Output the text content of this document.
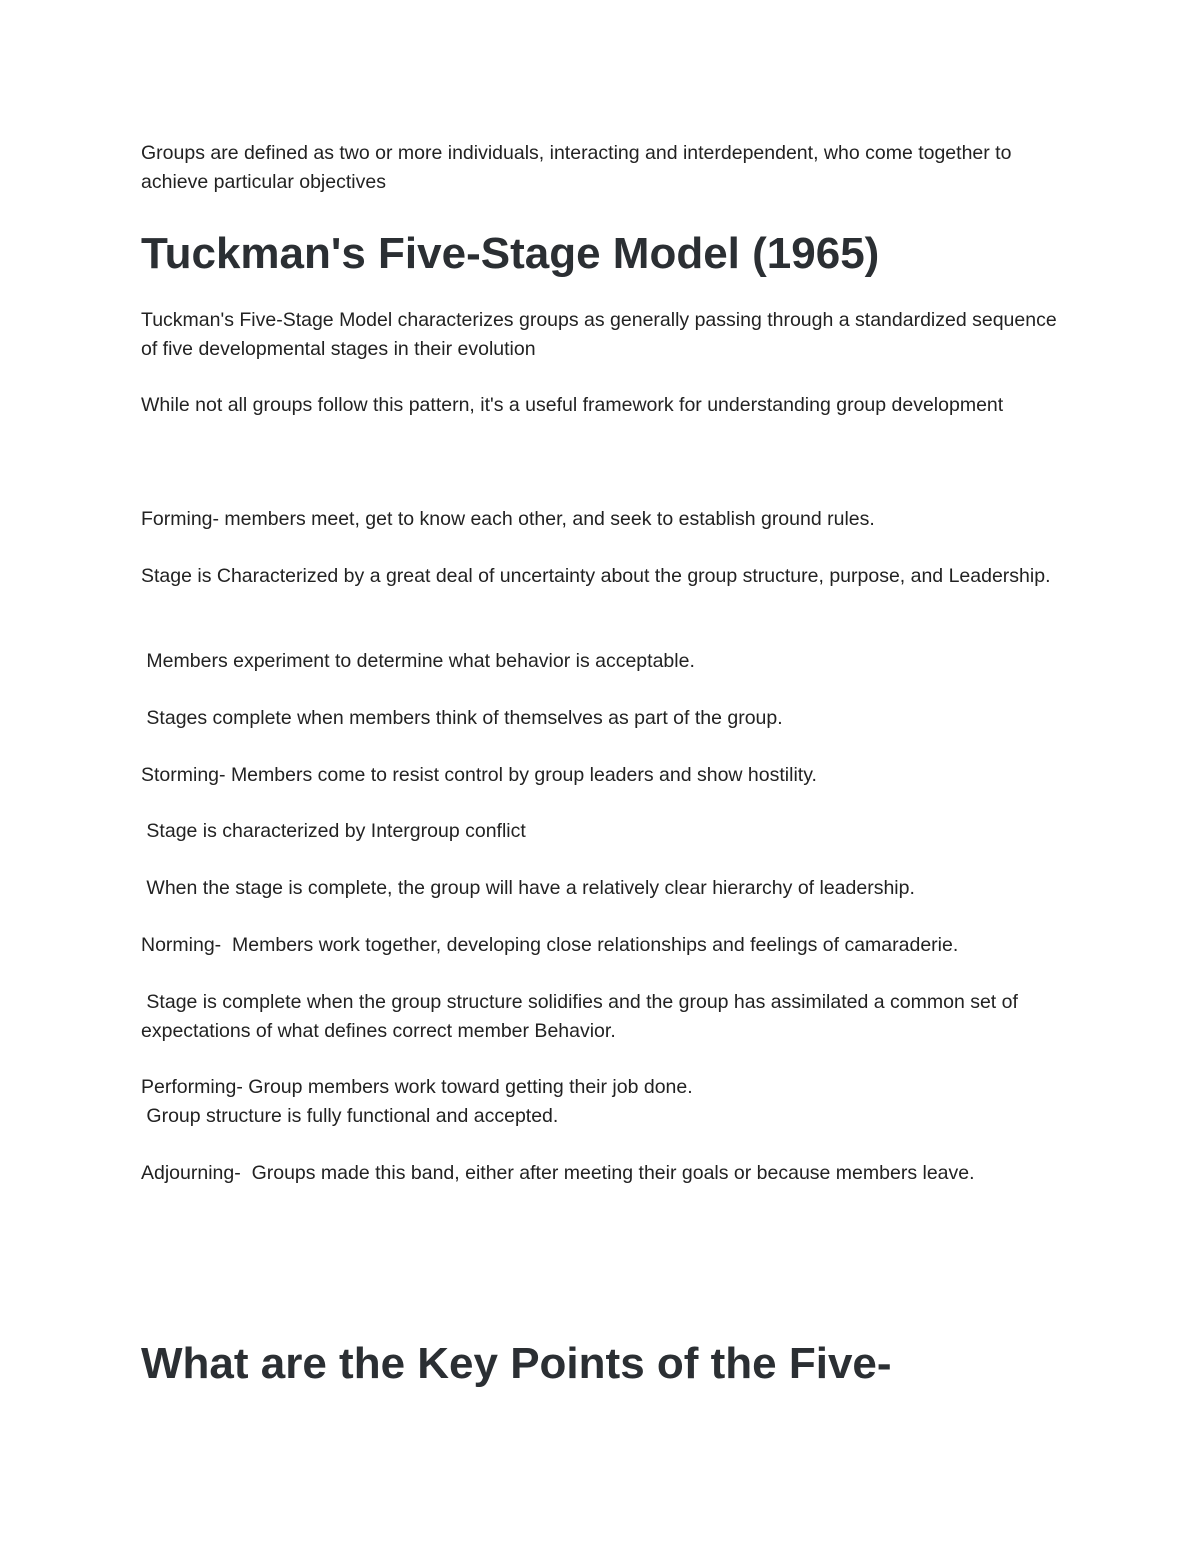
Groups are defined as two or more individuals, interacting and interdependent, who come together to achieve particular objectives

Tuckman's Five-Stage Model (1965)

Tuckman's Five-Stage Model characterizes groups as generally passing through a standardized sequence of five developmental stages in their evolution

While not all groups follow this pattern, it's a useful framework for understanding group development

Forming- members meet, get to know each other, and seek to establish ground rules.

Stage is Characterized by a great deal of uncertainty about the group structure, purpose, and Leadership.

Members experiment to determine what behavior is acceptable.

Stages complete when members think of themselves as part of the group.

Storming- Members come to resist control by group leaders and show hostility.

Stage is characterized by Intergroup conflict

When the stage is complete, the group will have a relatively clear hierarchy of leadership.

Norming-  Members work together, developing close relationships and feelings of camaraderie.

Stage is complete when the group structure solidifies and the group has assimilated a common set of expectations of what defines correct member Behavior.

Performing- Group members work toward getting their job done.

Group structure is fully functional and accepted.

Adjourning-  Groups made this band, either after meeting their goals or because members leave.

What are the Key Points of the Five-
